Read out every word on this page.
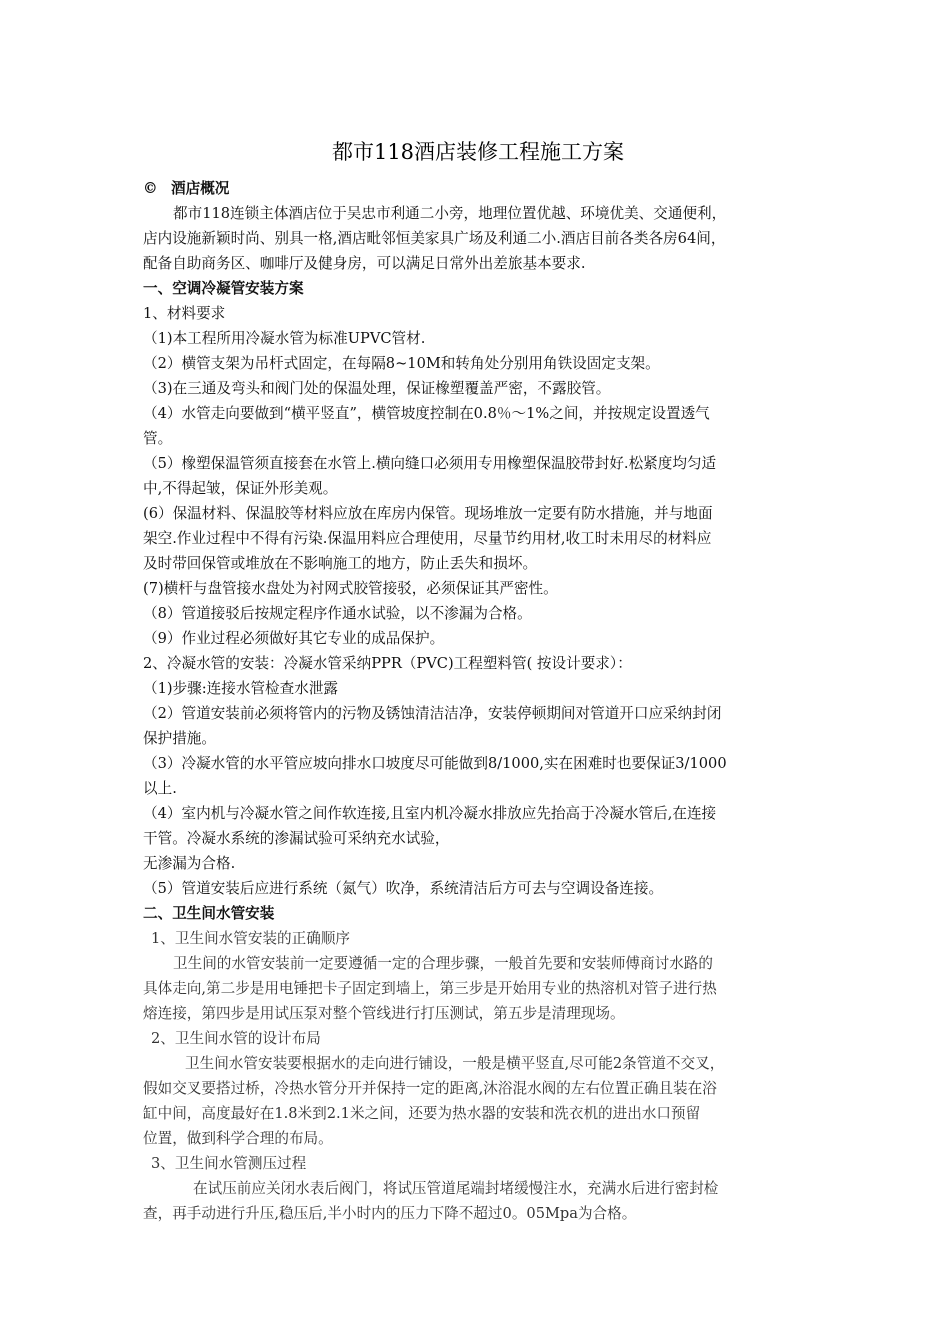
都市118酒店装修工程施工方案

© 酒店概况

都市118连锁主体酒店位于吴忠市利通二小旁，地理位置优越、环境优美、交通便利，

店内设施新颖时尚、别具一格,酒店毗邻恒美家具广场及利通二小.酒店目前各类各房64间，

配备自助商务区、咖啡厅及健身房，可以满足日常外出差旅基本要求.

一、空调冷凝管安装方案

1、材料要求

（1)本工程所用冷凝水管为标准UPVC管材.

（2）横管支架为吊杆式固定，在每隔8~10M和转角处分别用角铁设固定支架。

（3)在三通及弯头和阀门处的保温处理，保证橡塑覆盖严密，不露胶管。

（4）水管走向要做到“横平竖直”，横管坡度控制在0.8％～1%之间，并按规定设置透气

管。

（5）橡塑保温管须直接套在水管上.横向缝口必须用专用橡塑保温胶带封好.松紧度均匀适

中,不得起皱，保证外形美观。

(6）保温材料、保温胶等材料应放在库房内保管。现场堆放一定要有防水措施，并与地面

架空.作业过程中不得有污染.保温用料应合理使用，尽量节约用材,收工时未用尽的材料应

及时带回保管或堆放在不影响施工的地方，防止丢失和损坏。

(7)横杆与盘管接水盘处为衬网式胶管接驳，必须保证其严密性。

（8）管道接驳后按规定程序作通水试验，以不渗漏为合格。

（9）作业过程必须做好其它专业的成品保护。

2、冷凝水管的安装：冷凝水管采纳PPR（PVC)工程塑料管( 按设计要求）：

（1)步骤:连接水管检查水泄露

（2）管道安装前必须将管内的污物及锈蚀清洁洁净，安装停顿期间对管道开口应采纳封闭

保护措施。

（3）冷凝水管的水平管应坡向排水口坡度尽可能做到8/1000,实在困难时也要保证3/1000

以上.

（4）室内机与冷凝水管之间作软连接,且室内机冷凝水排放应先抬高于冷凝水管后,在连接

干管。冷凝水系统的渗漏试验可采纳充水试验，

无渗漏为合格.

（5）管道安装后应进行系统（氮气）吹净，系统清洁后方可去与空调设备连接。

二、卫生间水管安装

1、卫生间水管安装的正确顺序

卫生间的水管安装前一定要遵循一定的合理步骤，一般首先要和安装师傅商讨水路的

具体走向,第二步是用电锤把卡子固定到墙上，第三步是开始用专业的热溶机对管子进行热

熔连接，第四步是用试压泵对整个管线进行打压测试，第五步是清理现场。

2、卫生间水管的设计布局

卫生间水管安装要根据水的走向进行铺设，一般是横平竖直,尽可能2条管道不交叉，

假如交叉要搭过桥，冷热水管分开并保持一定的距离,沐浴混水阀的左右位置正确且装在浴

缸中间，高度最好在1.8米到2.1米之间，还要为热水器的安装和洗衣机的进出水口预留

位置，做到科学合理的布局。

3、卫生间水管测压过程

在试压前应关闭水表后阀门，将试压管道尾端封堵缓慢注水，充满水后进行密封检

查，再手动进行升压,稳压后,半小时内的压力下降不超过0。05Mpa为合格。
